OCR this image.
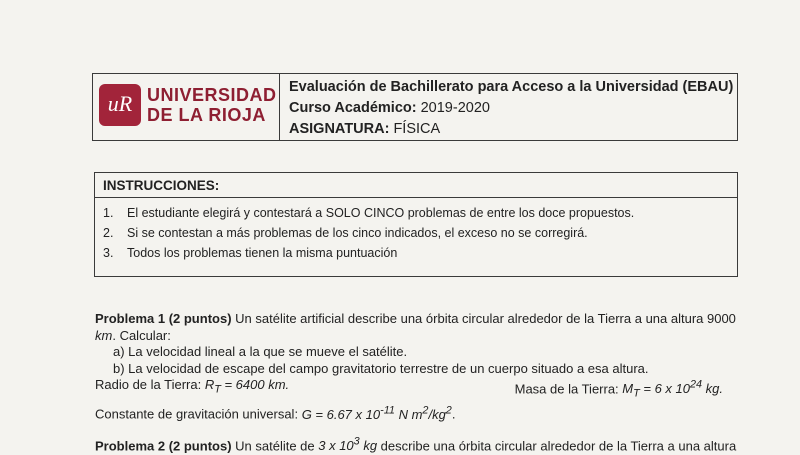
uR UNIVERSIDAD
DE LA RIOJA
Evaluación de Bachillerato para Acceso a la Universidad (EBAU)
Curso Académico: 2019-2020
ASIGNATURA: FÍSICA
INSTRUCCIONES:
1. El estudiante elegirá y contestará a SOLO CINCO problemas de entre los doce propuestos.
2. Si se contestan a más problemas de los cinco indicados, el exceso no se corregirá.
3. Todos los problemas tienen la misma puntuación
Problema 1 (2 puntos) Un satélite artificial describe una órbita circular alrededor de la Tierra a una altura 9000
km. Calcular:
a) La velocidad lineal a la que se mueve el satélite.
b) La velocidad de escape del campo gravitatorio terrestre de un cuerpo situado a esa altura.
Radio de la Tierra: $R_T = 6400$ km.	Masa de la Tierra: $M_T = 6$ x $10^{24}$ kg.
Constante de gravitación universal: G = 6.67 x $10^{-11}$ N $m^2/kg^2$.
Problema 2 (2 puntos) Un satélite de 3 x $10^3$ kg describe una órbita circular alrededor de la Tierra a una altura
